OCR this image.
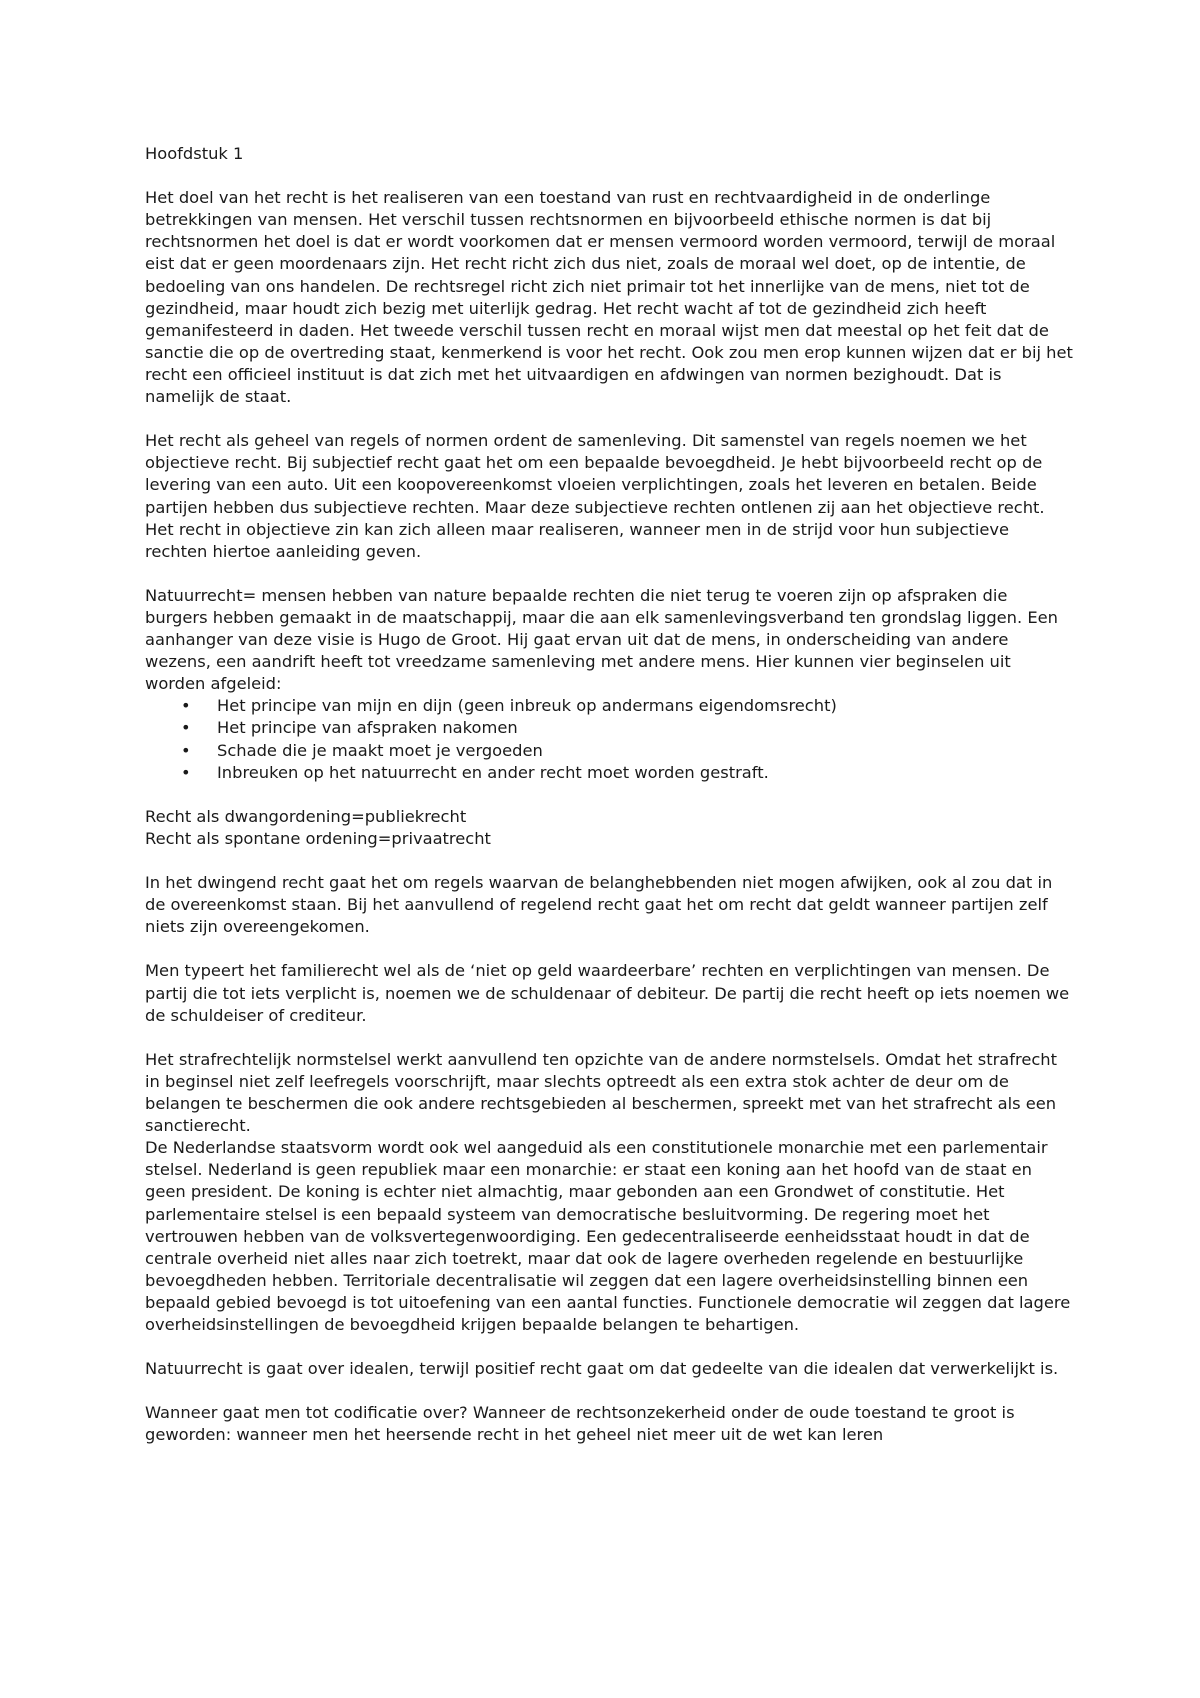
Hoofdstuk 1

Het doel van het recht is het realiseren van een toestand van rust en rechtvaardigheid in de onderlinge betrekkingen van mensen. Het verschil tussen rechtsnormen en bijvoorbeeld ethische normen is dat bij rechtsnormen het doel is dat er wordt voorkomen dat er mensen vermoord worden vermoord, terwijl de moraal eist dat er geen moordenaars zijn. Het recht richt zich dus niet, zoals de moraal wel doet, op de intentie, de bedoeling van ons handelen. De rechtsregel richt zich niet primair tot het innerlijke van de mens, niet tot de gezindheid, maar houdt zich bezig met uiterlijk gedrag. Het recht wacht af tot de gezindheid zich heeft gemanifesteerd in daden. Het tweede verschil tussen recht en moraal wijst men dat meestal op het feit dat de sanctie die op de overtreding staat, kenmerkend is voor het recht. Ook zou men erop kunnen wijzen dat er bij het recht een officieel instituut is dat zich met het uitvaardigen en afdwingen van normen bezighoudt. Dat is namelijk de staat.

Het recht als geheel van regels of normen ordent de samenleving. Dit samenstel van regels noemen we het objectieve recht. Bij subjectief recht gaat het om een bepaalde bevoegdheid. Je hebt bijvoorbeeld recht op de levering van een auto. Uit een koopovereenkomst vloeien verplichtingen, zoals het leveren en betalen. Beide partijen hebben dus subjectieve rechten. Maar deze subjectieve rechten ontlenen zij aan het objectieve recht. Het recht in objectieve zin kan zich alleen maar realiseren, wanneer men in de strijd voor hun subjectieve rechten hiertoe aanleiding geven.

Natuurrecht= mensen hebben van nature bepaalde rechten die niet terug te voeren zijn op afspraken die burgers hebben gemaakt in de maatschappij, maar die aan elk samenlevingsverband ten grondslag liggen. Een aanhanger van deze visie is Hugo de Groot. Hij gaat ervan uit dat de mens, in onderscheiding van andere wezens, een aandrift heeft tot vreedzame samenleving met andere mens. Hier kunnen vier beginselen uit worden afgeleid:

• Het principe van mijn en dijn (geen inbreuk op andermans eigendomsrecht)
• Het principe van afspraken nakomen
• Schade die je maakt moet je vergoeden
• Inbreuken op het natuurrecht en ander recht moet worden gestraft.

Recht als dwangordening=publiekrecht
Recht als spontane ordening=privaatrecht

In het dwingend recht gaat het om regels waarvan de belanghebbenden niet mogen afwijken, ook al zou dat in de overeenkomst staan. Bij het aanvullend of regelend recht gaat het om recht dat geldt wanneer partijen zelf niets zijn overeengekomen.

Men typeert het familierecht wel als de ‘niet op geld waardeerbare’ rechten en verplichtingen van mensen. De partij die tot iets verplicht is, noemen we de schuldenaar of debiteur. De partij die recht heeft op iets noemen we de schuldeiser of crediteur.

Het strafrechtelijk normstelsel werkt aanvullend ten opzichte van de andere normstelsels. Omdat het strafrecht in beginsel niet zelf leefregels voorschrijft, maar slechts optreedt als een extra stok achter de deur om de belangen te beschermen die ook andere rechtsgebieden al beschermen, spreekt met van het strafrecht als een sanctierecht.

De Nederlandse staatsvorm wordt ook wel aangeduid als een constitutionele monarchie met een parlementair stelsel. Nederland is geen republiek maar een monarchie: er staat een koning aan het hoofd van de staat en geen president. De koning is echter niet almachtig, maar gebonden aan een Grondwet of constitutie. Het parlementaire stelsel is een bepaald systeem van democratische besluitvorming. De regering moet het vertrouwen hebben van de volksvertegenwoordiging. Een gedecentraliseerde eenheidsstaat houdt in dat de centrale overheid niet alles naar zich toetrekt, maar dat ook de lagere overheden regelende en bestuurlijke bevoegdheden hebben. Territoriale decentralisatie wil zeggen dat een lagere overheidsinstelling binnen een bepaald gebied bevoegd is tot uitoefening van een aantal functies. Functionele democratie wil zeggen dat lagere overheidsinstellingen de bevoegdheid krijgen bepaalde belangen te behartigen.

Natuurrecht is gaat over idealen, terwijl positief recht gaat om dat gedeelte van die idealen dat verwerkelijkt is.

Wanneer gaat men tot codificatie over? Wanneer de rechtsonzekerheid onder de oude toestand te groot is geworden: wanneer men het heersende recht in het geheel niet meer uit de wet kan leren
